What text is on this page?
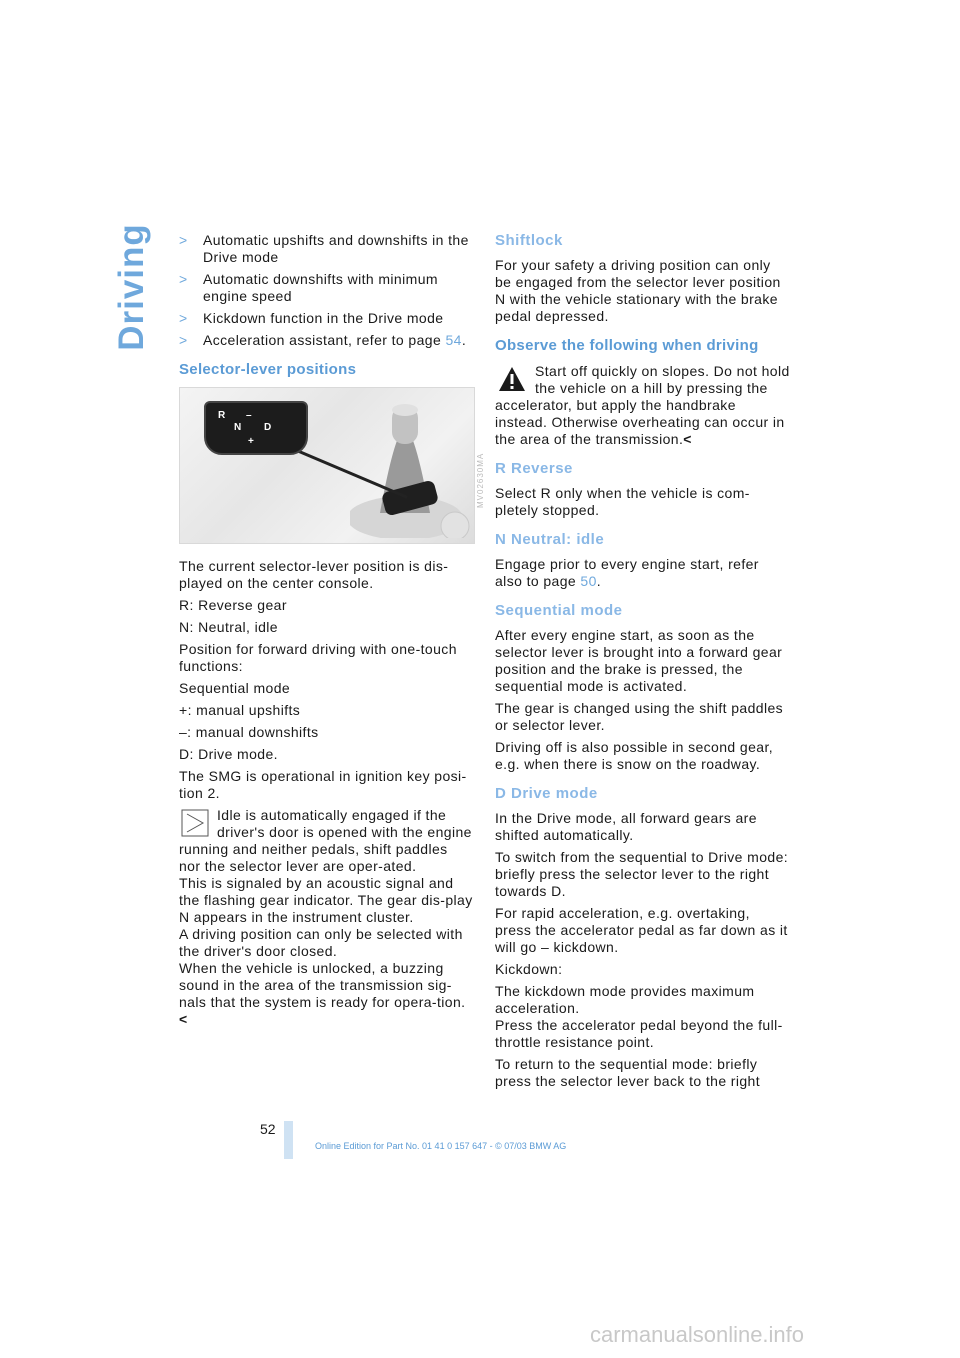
Driving >	Automatic upshifts and downshifts in the Drive mode
>	Automatic downshifts with minimum engine speed
>	Kickdown function in the Drive mode
>	Acceleration assistant, refer to page 54.
Selector-lever positions
R –
N D
+

The current selector-lever position is dis-played on the center console.

R: Reverse gear

N: Neutral, idle

Position for forward driving with one-touch functions:

Sequential mode

+: manual upshifts

–: manual downshifts

D: Drive mode.

The SMG is operational in ignition key posi-tion 2.

Idle is automatically engaged if the driver's door is opened with the engine running and neither pedals, shift paddles nor the selector lever are oper-ated.
This is signaled by an acoustic signal and the flashing gear indicator. The gear dis-play N appears in the instrument cluster.
A driving position can only be selected with the driver's door closed.
When the vehicle is unlocked, a buzzing sound in the area of the transmission sig-nals that the system is ready for opera-tion.<
MV02630MA
Shiftlock

For your safety a driving position can only be engaged from the selector lever position N with the vehicle stationary with the brake pedal depressed.

Observe the following when driving
Start off quickly on slopes. Do not hold the vehicle on a hill by pressing the accelerator, but apply the handbrake instead. Otherwise overheating can occur in the area of the transmission.<
R Reverse

Select R only when the vehicle is com-pletely stopped.

N Neutral: idle

Engage prior to every engine start, refer also to page 50.

Sequential mode

After every engine start, as soon as the selector lever is brought into a forward gear position and the brake is pressed, the sequential mode is activated.

The gear is changed using the shift paddles or selector lever.

Driving off is also possible in second gear, e.g. when there is snow on the roadway.

D Drive mode

In the Drive mode, all forward gears are shifted automatically.

To switch from the sequential to Drive mode: briefly press the selector lever to the right towards D.

For rapid acceleration, e.g. overtaking, press the accelerator pedal as far down as it will go – kickdown.

Kickdown:

The kickdown mode provides maximum acceleration.
Press the accelerator pedal beyond the full-throttle resistance point.

To return to the sequential mode: briefly press the selector lever back to the right

52
Online Edition for Part No. 01 41 0 157 647 - © 07/03 BMW AG
carmanualsonline.info
